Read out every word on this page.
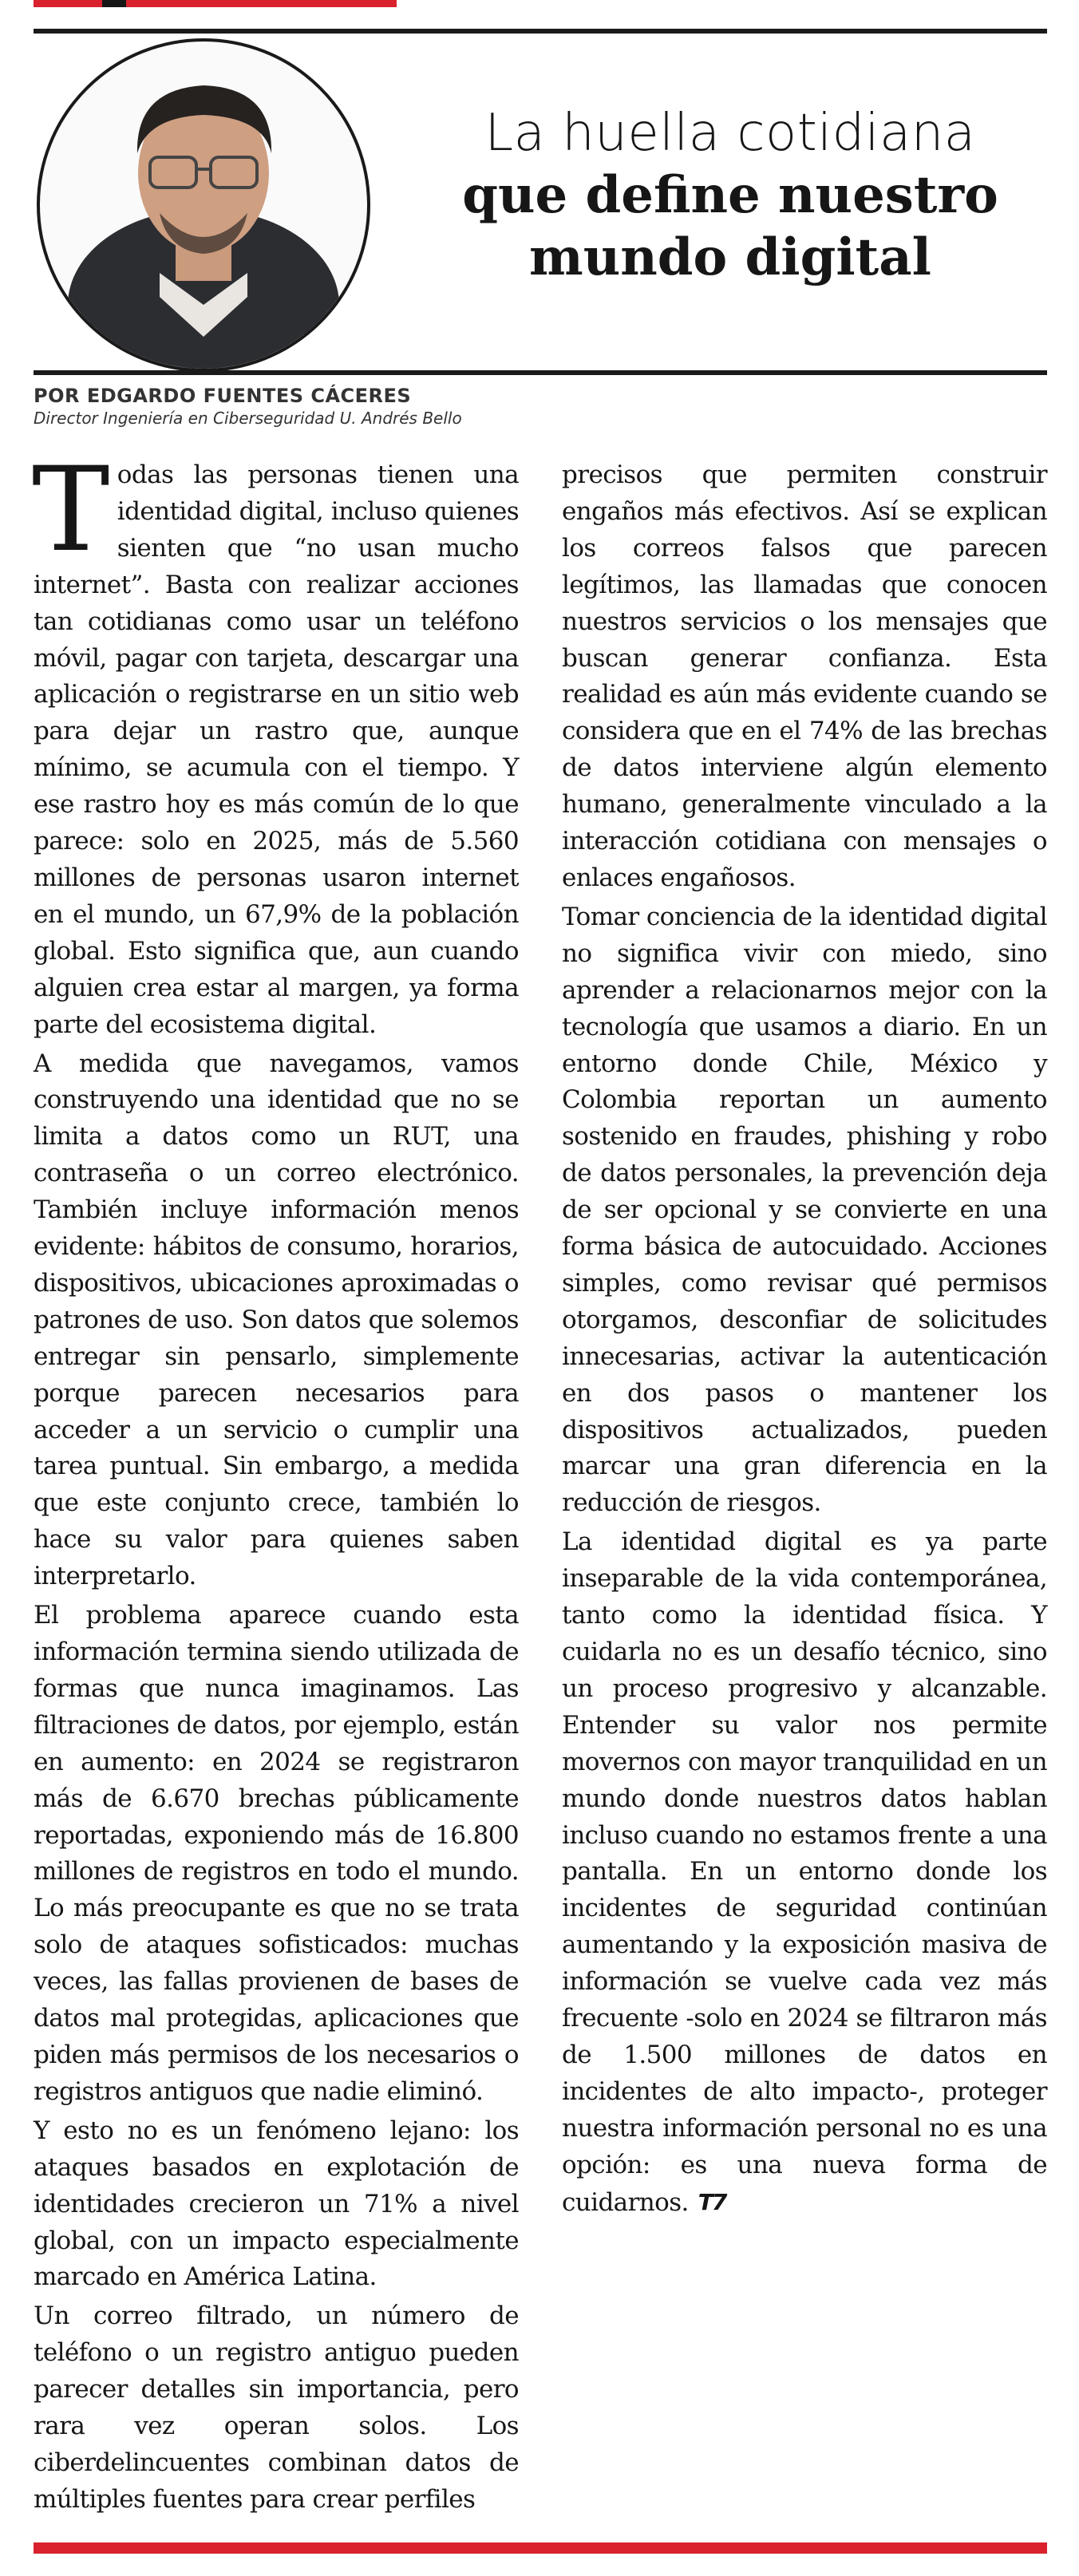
La huella cotidiana
que define nuestro
mundo digital
POR EDGARDO FUENTES CÁCERES
Director Ingeniería en Ciberseguridad U. Andrés Bello

Todas las personas tienen una identidad digital, incluso quienes sienten que “no usan mucho internet”. Basta con realizar acciones tan cotidianas como usar un teléfono móvil, pagar con tarjeta, descargar una aplicación o registrarse en un sitio web para dejar un rastro que, aunque mínimo, se acumula con el tiempo. Y ese rastro hoy es más común de lo que parece: solo en 2025, más de 5.560 millones de personas usaron internet en el mundo, un 67,9% de la población global. Esto significa que, aun cuando alguien crea estar al margen, ya forma parte del ecosistema digital.

A medida que navegamos, vamos construyendo una identidad que no se limita a datos como un RUT, una contraseña o un correo electrónico. También incluye información menos evidente: hábitos de consumo, horarios, dispositivos, ubicaciones aproximadas o patrones de uso. Son datos que solemos entregar sin pensarlo, simplemente porque parecen necesarios para acceder a un servicio o cumplir una tarea puntual. Sin embargo, a medida que este conjunto crece, también lo hace su valor para quienes saben interpretarlo.

El problema aparece cuando esta información termina siendo utilizada de formas que nunca imaginamos. Las filtraciones de datos, por ejemplo, están en aumento: en 2024 se registraron más de 6.670 brechas públicamente reportadas, exponiendo más de 16.800 millones de registros en todo el mundo. Lo más preocupante es que no se trata solo de ataques sofisticados: muchas veces, las fallas provienen de bases de datos mal protegidas, aplicaciones que piden más permisos de los necesarios o registros antiguos que nadie eliminó.

Y esto no es un fenómeno lejano: los ataques basados en explotación de identidades crecieron un 71% a nivel global, con un impacto especialmente marcado en América Latina.

Un correo filtrado, un número de teléfono o un registro antiguo pueden parecer detalles sin importancia, pero rara vez operan solos. Los ciberdelincuentes combinan datos de múltiples fuentes para crear perfiles

precisos que permiten construir engaños más efectivos. Así se explican los correos falsos que parecen legítimos, las llamadas que conocen nuestros servicios o los mensajes que buscan generar confianza. Esta realidad es aún más evidente cuando se considera que en el 74% de las brechas de datos interviene algún elemento humano, generalmente vinculado a la interacción cotidiana con mensajes o enlaces engañosos.

Tomar conciencia de la identidad digital no significa vivir con miedo, sino aprender a relacionarnos mejor con la tecnología que usamos a diario. En un entorno donde Chile, México y Colombia reportan un aumento sostenido en fraudes, phishing y robo de datos personales, la prevención deja de ser opcional y se convierte en una forma básica de autocuidado. Acciones simples, como revisar qué permisos otorgamos, desconfiar de solicitudes innecesarias, activar la autenticación en dos pasos o mantener los dispositivos actualizados, pueden marcar una gran diferencia en la reducción de riesgos.

La identidad digital es ya parte inseparable de la vida contemporánea, tanto como la identidad física. Y cuidarla no es un desafío técnico, sino un proceso progresivo y alcanzable. Entender su valor nos permite movernos con mayor tranquilidad en un mundo donde nuestros datos hablan incluso cuando no estamos frente a una pantalla. En un entorno donde los incidentes de seguridad continúan aumentando y la exposición masiva de información se vuelve cada vez más frecuente -solo en 2024 se filtraron más de 1.500 millones de datos en incidentes de alto impacto-, proteger nuestra información personal no es una opción: es una nueva forma de cuidarnos. T7
